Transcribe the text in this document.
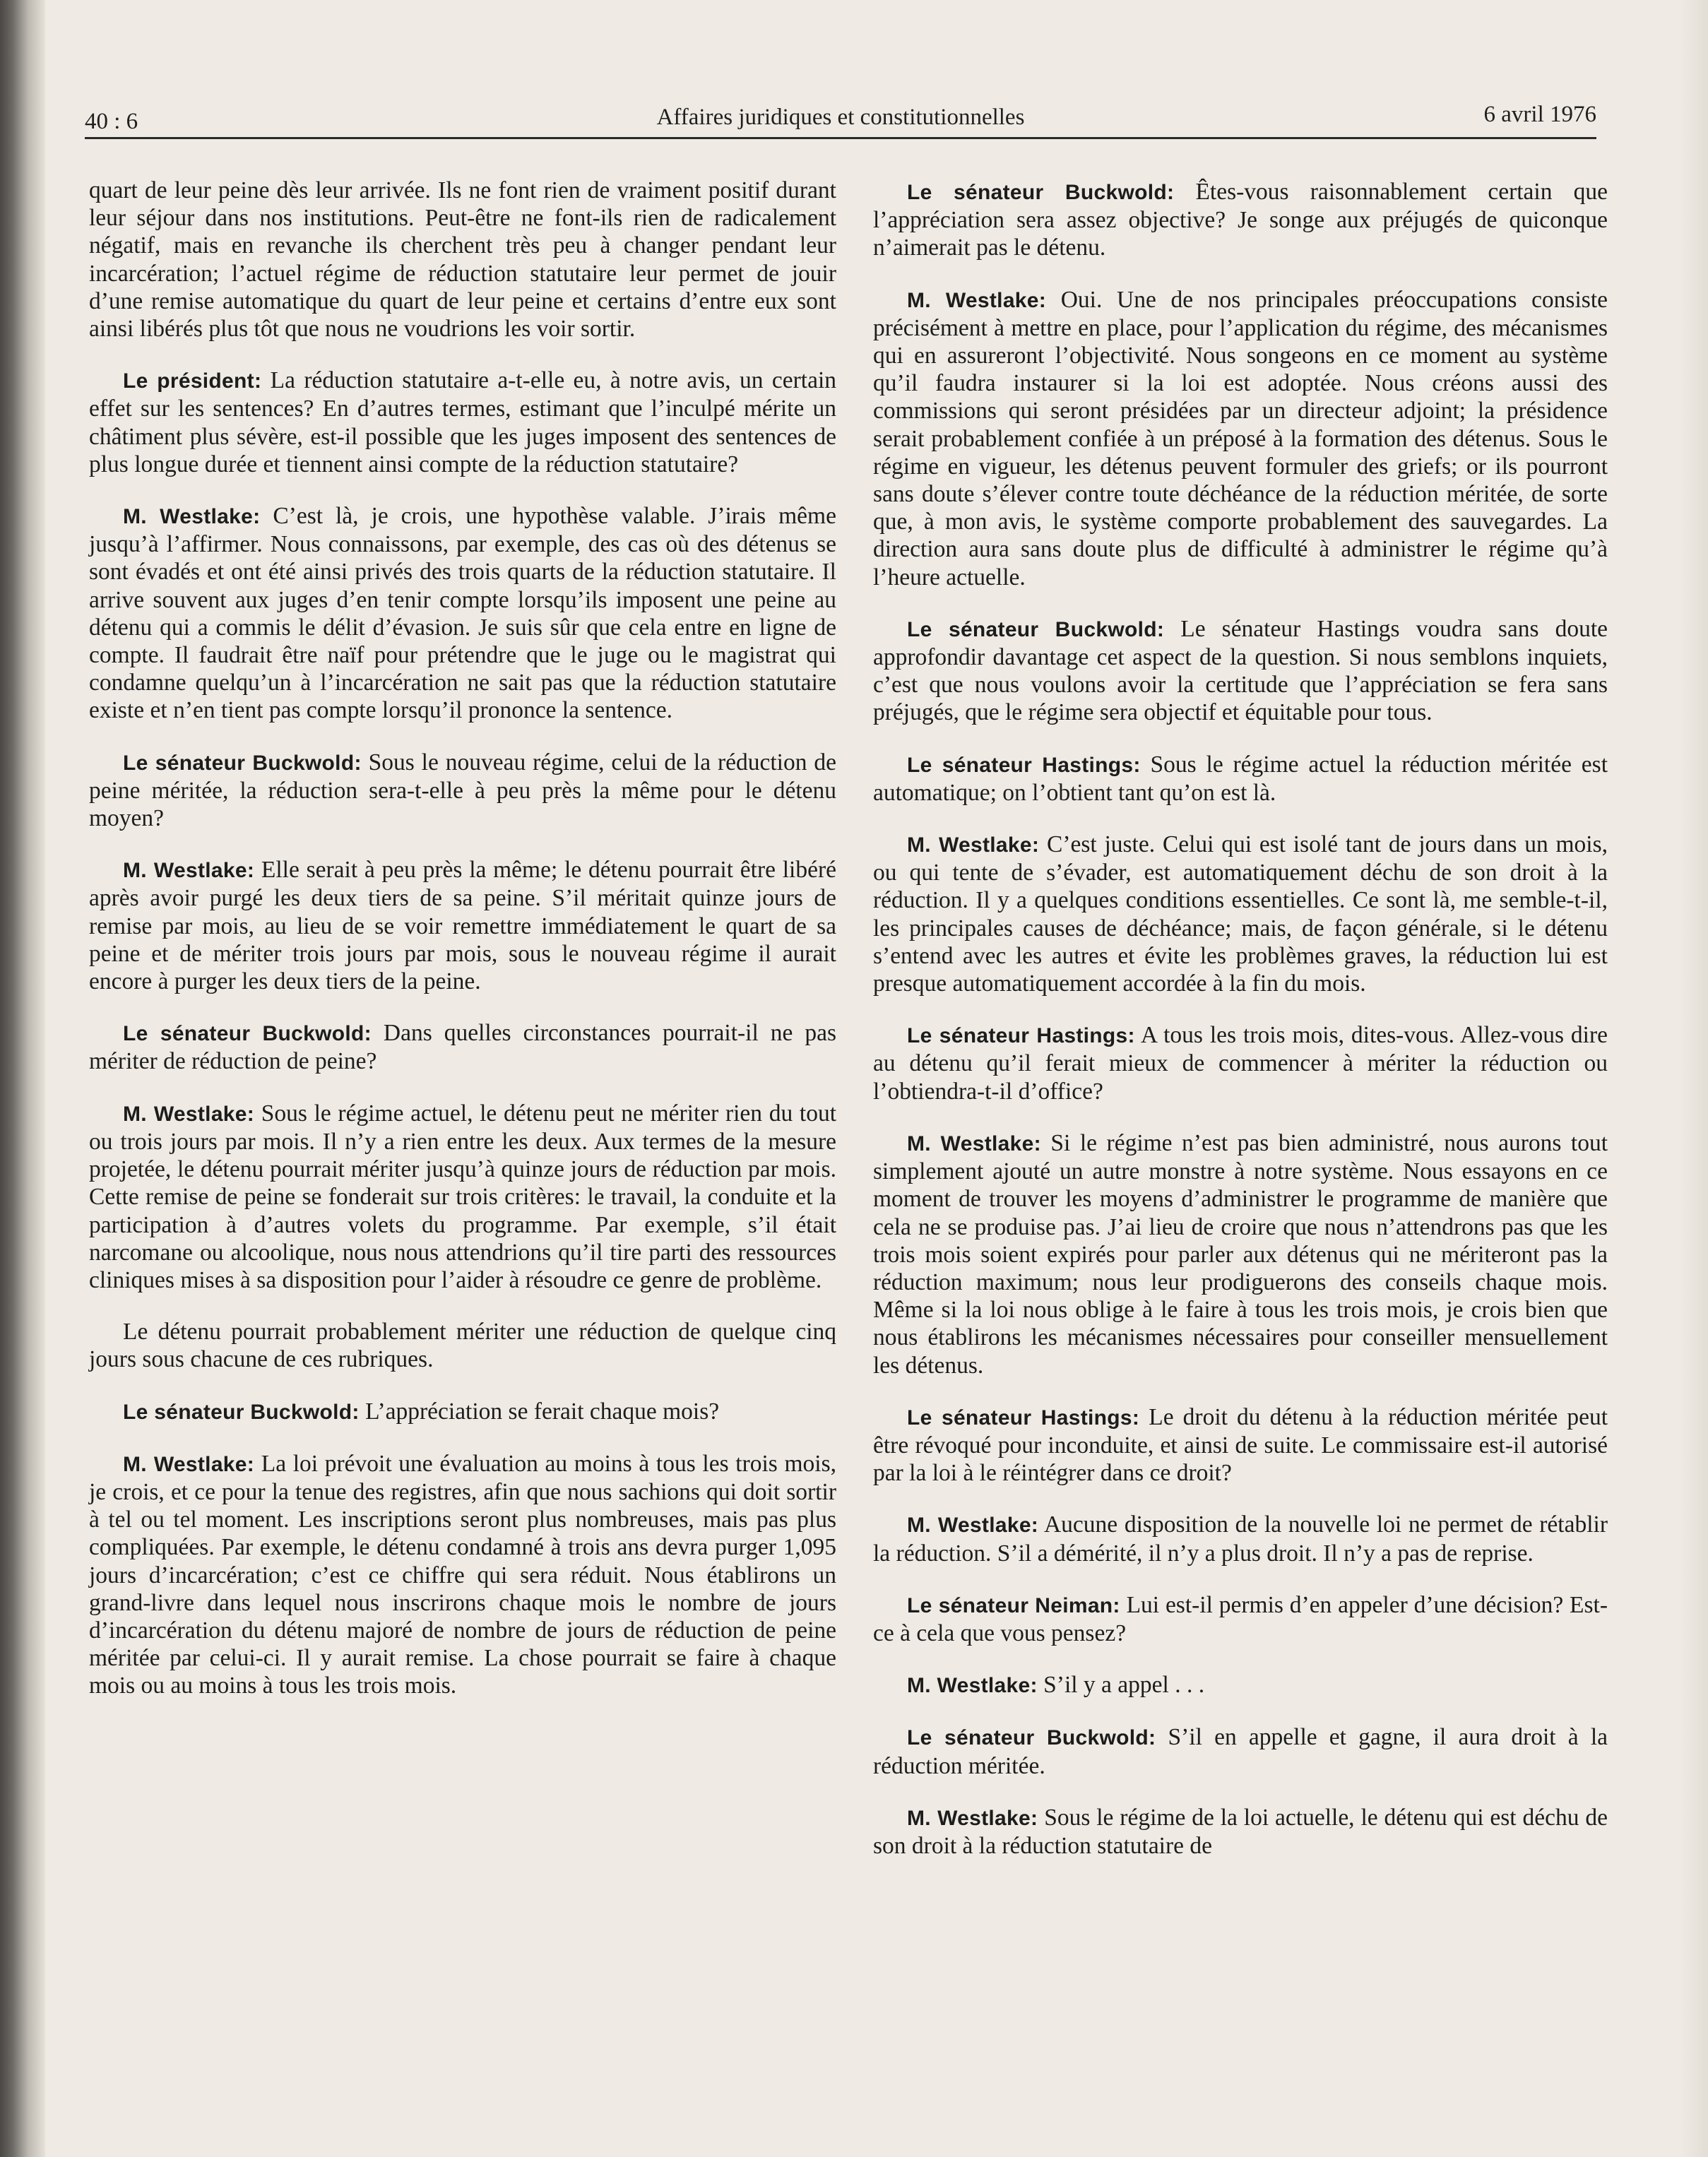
40 : 6	Affaires juridiques et constitutionnelles	6 avril 1976

quart de leur peine dès leur arrivée. Ils ne font rien de vraiment positif durant leur séjour dans nos institutions. Peut-être ne font-ils rien de radicalement négatif, mais en revanche ils cherchent très peu à changer pendant leur incarcération; l’actuel régime de réduction statutaire leur permet de jouir d’une remise automatique du quart de leur peine et certains d’entre eux sont ainsi libérés plus tôt que nous ne voudrions les voir sortir.

Le président: La réduction statutaire a-t-elle eu, à notre avis, un certain effet sur les sentences? En d’autres termes, estimant que l’inculpé mérite un châtiment plus sévère, est-il possible que les juges imposent des sentences de plus longue durée et tiennent ainsi compte de la réduction statutaire?

M. Westlake: C’est là, je crois, une hypothèse valable. J’irais même jusqu’à l’affirmer. Nous connaissons, par exemple, des cas où des détenus se sont évadés et ont été ainsi privés des trois quarts de la réduction statutaire. Il arrive souvent aux juges d’en tenir compte lorsqu’ils imposent une peine au détenu qui a commis le délit d’évasion. Je suis sûr que cela entre en ligne de compte. Il faudrait être naïf pour prétendre que le juge ou le magistrat qui condamne quelqu’un à l’incarcération ne sait pas que la réduction statutaire existe et n’en tient pas compte lorsqu’il prononce la sentence.

Le sénateur Buckwold: Sous le nouveau régime, celui de la réduction de peine méritée, la réduction sera-t-elle à peu près la même pour le détenu moyen?

M. Westlake: Elle serait à peu près la même; le détenu pourrait être libéré après avoir purgé les deux tiers de sa peine. S’il méritait quinze jours de remise par mois, au lieu de se voir remettre immédiatement le quart de sa peine et de mériter trois jours par mois, sous le nouveau régime il aurait encore à purger les deux tiers de la peine.

Le sénateur Buckwold: Dans quelles circonstances pourrait-il ne pas mériter de réduction de peine?

M. Westlake: Sous le régime actuel, le détenu peut ne mériter rien du tout ou trois jours par mois. Il n’y a rien entre les deux. Aux termes de la mesure projetée, le détenu pourrait mériter jusqu’à quinze jours de réduction par mois. Cette remise de peine se fonderait sur trois critères: le travail, la conduite et la participation à d’autres volets du programme. Par exemple, s’il était narcomane ou alcoolique, nous nous attendrions qu’il tire parti des ressources cliniques mises à sa disposition pour l’aider à résoudre ce genre de problème.

Le détenu pourrait probablement mériter une réduction de quelque cinq jours sous chacune de ces rubriques.

Le sénateur Buckwold: L’appréciation se ferait chaque mois?

M. Westlake: La loi prévoit une évaluation au moins à tous les trois mois, je crois, et ce pour la tenue des registres, afin que nous sachions qui doit sortir à tel ou tel moment. Les inscriptions seront plus nombreuses, mais pas plus compliquées. Par exemple, le détenu condamné à trois ans devra purger 1,095 jours d’incarcération; c’est ce chiffre qui sera réduit. Nous établirons un grand-livre dans lequel nous inscrirons chaque mois le nombre de jours d’incarcération du détenu majoré de nombre de jours de réduction de peine méritée par celui-ci. Il y aurait remise. La chose pourrait se faire à chaque mois ou au moins à tous les trois mois.

Le sénateur Buckwold: Êtes-vous raisonnablement certain que l’appréciation sera assez objective? Je songe aux préjugés de quiconque n’aimerait pas le détenu.

M. Westlake: Oui. Une de nos principales préoccupations consiste précisément à mettre en place, pour l’application du régime, des mécanismes qui en assureront l’objectivité. Nous songeons en ce moment au système qu’il faudra instaurer si la loi est adoptée. Nous créons aussi des commissions qui seront présidées par un directeur adjoint; la présidence serait probablement confiée à un préposé à la formation des détenus. Sous le régime en vigueur, les détenus peuvent formuler des griefs; or ils pourront sans doute s’élever contre toute déchéance de la réduction méritée, de sorte que, à mon avis, le système comporte probablement des sauvegardes. La direction aura sans doute plus de difficulté à administrer le régime qu’à l’heure actuelle.

Le sénateur Buckwold: Le sénateur Hastings voudra sans doute approfondir davantage cet aspect de la question. Si nous semblons inquiets, c’est que nous voulons avoir la certitude que l’appréciation se fera sans préjugés, que le régime sera objectif et équitable pour tous.

Le sénateur Hastings: Sous le régime actuel la réduction méritée est automatique; on l’obtient tant qu’on est là.

M. Westlake: C’est juste. Celui qui est isolé tant de jours dans un mois, ou qui tente de s’évader, est automatiquement déchu de son droit à la réduction. Il y a quelques conditions essentielles. Ce sont là, me semble-t-il, les principales causes de déchéance; mais, de façon générale, si le détenu s’entend avec les autres et évite les problèmes graves, la réduction lui est presque automatiquement accordée à la fin du mois.

Le sénateur Hastings: A tous les trois mois, dites-vous. Allez-vous dire au détenu qu’il ferait mieux de commencer à mériter la réduction ou l’obtiendra-t-il d’office?

M. Westlake: Si le régime n’est pas bien administré, nous aurons tout simplement ajouté un autre monstre à notre système. Nous essayons en ce moment de trouver les moyens d’administrer le programme de manière que cela ne se produise pas. J’ai lieu de croire que nous n’attendrons pas que les trois mois soient expirés pour parler aux détenus qui ne mériteront pas la réduction maximum; nous leur prodiguerons des conseils chaque mois. Même si la loi nous oblige à le faire à tous les trois mois, je crois bien que nous établirons les mécanismes nécessaires pour conseiller mensuellement les détenus.

Le sénateur Hastings: Le droit du détenu à la réduction méritée peut être révoqué pour inconduite, et ainsi de suite. Le commissaire est-il autorisé par la loi à le réintégrer dans ce droit?

M. Westlake: Aucune disposition de la nouvelle loi ne permet de rétablir la réduction. S’il a démérité, il n’y a plus droit. Il n’y a pas de reprise.

Le sénateur Neiman: Lui est-il permis d’en appeler d’une décision? Est-ce à cela que vous pensez?

M. Westlake: S’il y a appel . . .

Le sénateur Buckwold: S’il en appelle et gagne, il aura droit à la réduction méritée.

M. Westlake: Sous le régime de la loi actuelle, le détenu qui est déchu de son droit à la réduction statutaire de
